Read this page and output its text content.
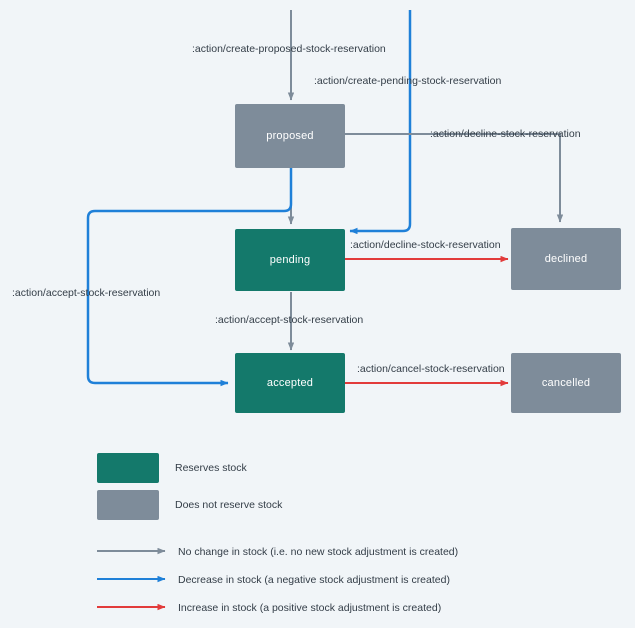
proposed
pending	declined
accepted	cancelled
:action/create-proposed-stock-reservation
:action/create-pending-stock-reservation
:action/decline-stock-reservation
:action/decline-stock-reservation
:action/accept-stock-reservation
:action/accept-stock-reservation
:action/cancel-stock-reservation
Reserves stock
Does not reserve stock
No change in stock (i.e. no new stock adjustment is created)
Decrease in stock (a negative stock adjustment is created)
Increase in stock (a positive stock adjustment is created)
